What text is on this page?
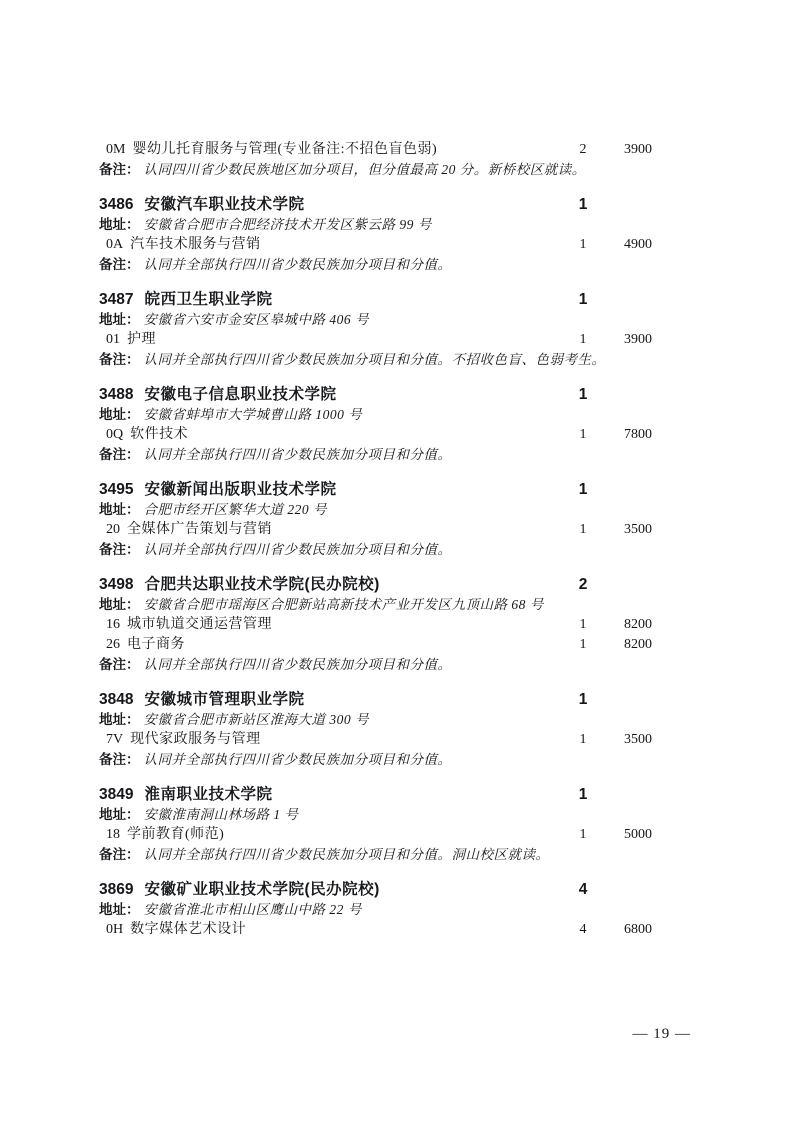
0M 婴幼儿托育服务与管理(专业备注:不招色盲色弱)	2	3900
备注： 认同四川省少数民族地区加分项目，但分值最高 20 分。新桥校区就读。
3486 安徽汽车职业技术学院	1
地址： 安徽省合肥市合肥经济技术开发区紫云路 99 号
0A 汽车技术服务与营销	1	4900
备注： 认同并全部执行四川省少数民族加分项目和分值。
3487 皖西卫生职业学院	1
地址： 安徽省六安市金安区皋城中路 406 号
01 护理	1	3900
备注： 认同并全部执行四川省少数民族加分项目和分值。不招收色盲、色弱考生。
3488 安徽电子信息职业技术学院	1
地址： 安徽省蚌埠市大学城曹山路 1000 号
0Q 软件技术	1	7800
备注： 认同并全部执行四川省少数民族加分项目和分值。
3495 安徽新闻出版职业技术学院	1
地址： 合肥市经开区繁华大道 220 号
20 全媒体广告策划与营销	1	3500
备注： 认同并全部执行四川省少数民族加分项目和分值。
3498 合肥共达职业技术学院(民办院校)	2
地址： 安徽省合肥市瑶海区合肥新站高新技术产业开发区九顶山路 68 号
16 城市轨道交通运营管理	1	8200
26 电子商务	1	8200
备注： 认同并全部执行四川省少数民族加分项目和分值。
3848 安徽城市管理职业学院	1
地址： 安徽省合肥市新站区淮海大道 300 号
7V 现代家政服务与管理	1	3500
备注： 认同并全部执行四川省少数民族加分项目和分值。
3849 淮南职业技术学院	1
地址： 安徽淮南洞山林场路 1 号
18 学前教育(师范)	1	5000
备注： 认同并全部执行四川省少数民族加分项目和分值。洞山校区就读。
3869 安徽矿业职业技术学院(民办院校)	4
地址： 安徽省淮北市相山区鹰山中路 22 号
0H 数字媒体艺术设计	4	6800
— 19 —
